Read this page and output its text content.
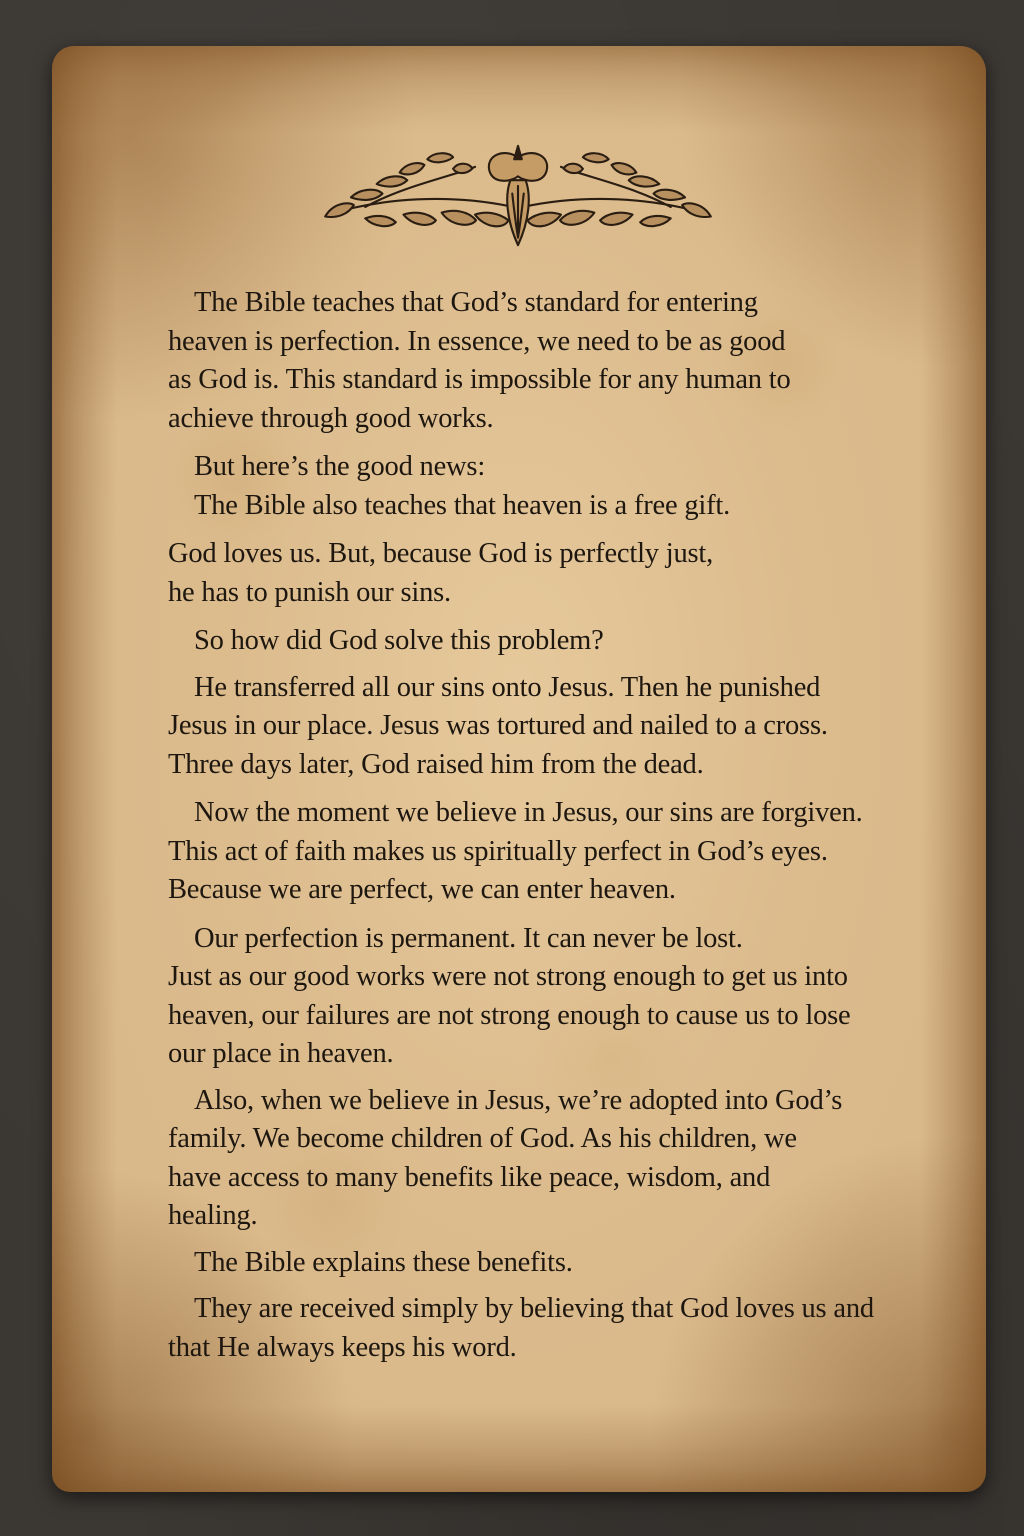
The Bible teaches that God’s standard for entering
heaven is perfection. In essence, we need to be as good
as God is. This standard is impossible for any human to
achieve through good works.

But here’s the good news:

The Bible also teaches that heaven is a free gift.

God loves us. But, because God is perfectly just,
he has to punish our sins.

So how did God solve this problem?

He transferred all our sins onto Jesus. Then he punished
Jesus in our place. Jesus was tortured and nailed to a cross.
Three days later, God raised him from the dead.

Now the moment we believe in Jesus, our sins are forgiven.
This act of faith makes us spiritually perfect in God’s eyes.
Because we are perfect, we can enter heaven.

Our perfection is permanent. It can never be lost.
Just as our good works were not strong enough to get us into
heaven, our failures are not strong enough to cause us to lose
our place in heaven.

Also, when we believe in Jesus, we’re adopted into God’s
family. We become children of God. As his children, we
have access to many benefits like peace, wisdom, and
healing.

The Bible explains these benefits.

They are received simply by believing that God loves us and
that He always keeps his word.
